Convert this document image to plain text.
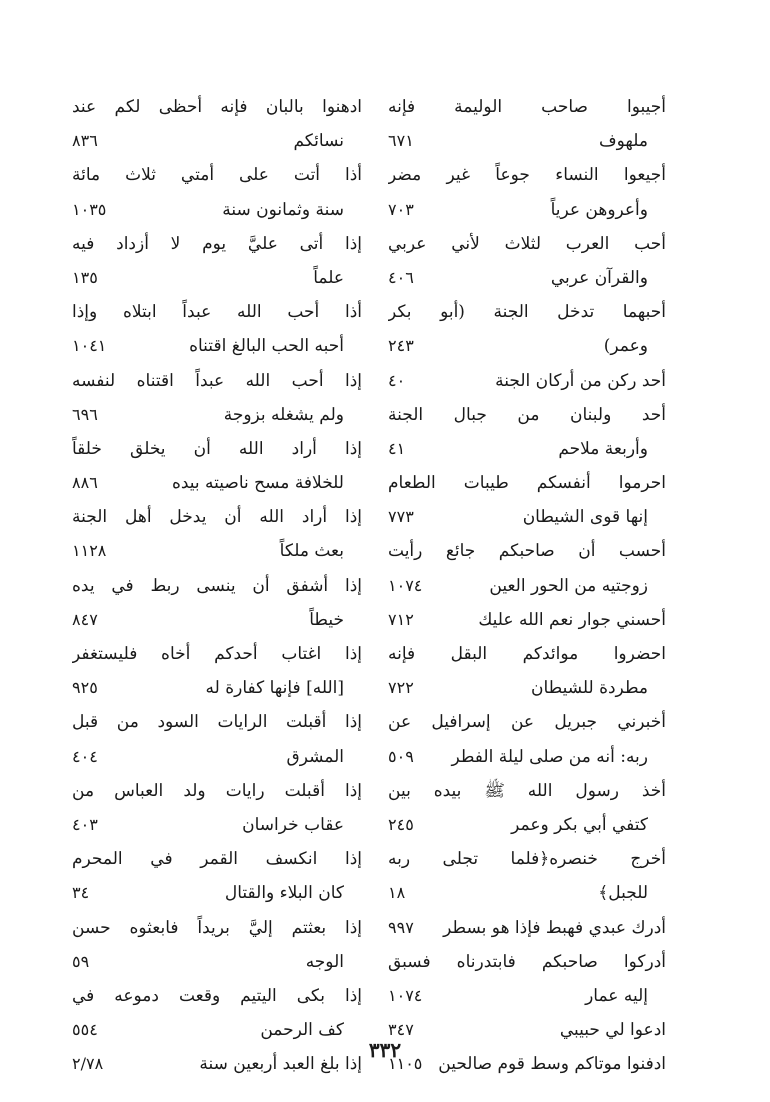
أجيبوا صاحب الوليمة فإنه
ملهوف
٦٧١
أجيعوا النساء جوعاً غير مضر
وأعروهن عرياً
٧٠٣
أحب العرب لثلاث لأني عربي
والقرآن عربي
٤٠٦
أحبهما تدخل الجنة (أبو بكر
وعمر)
٢٤٣
أحد ركن من أركان الجنة
٤٠
أحد ولبنان من جبال الجنة
وأربعة ملاحم
٤١
احرموا أنفسكم طيبات الطعام
إنها قوى الشيطان
٧٧٣
أحسب أن صاحبكم جائع رأيت
زوجتيه من الحور العين
١٠٧٤
أحسني جوار نعم الله عليك
٧١٢
احضروا موائدكم البقل فإنه
مطردة للشيطان
٧٢٢
أخبرني جبريل عن إسرافيل عن
ربه: أنه من صلى ليلة الفطر
٥٠٩
أخذ رسول الله ﷺ بيده بين
كتفي أبي بكر وعمر
٢٤٥
أخرج خنصره﴿فلما تجلى ربه
للجبل﴾
١٨
أدرك عبدي فهبط فإذا هو بسطر
٩٩٧
أدركوا صاحبكم فابتدرناه فسبق
إليه عمار
١٠٧٤
ادعوا لي حبيبي
٣٤٧
ادفنوا موتاكم وسط قوم صالحين
١١٠٥
ادهنوا بالبان فإنه أحظى لكم عند
نسائكم
٨٣٦
أذا أتت على أمتي ثلاث مائة
سنة وثمانون سنة
١٠٣٥
إذا أتى عليَّ يوم لا أزداد فيه
علماً
١٣٥
أذا أحب الله عبداً ابتلاه وإذا
أحبه الحب البالغ اقتناه
١٠٤١
إذا أحب الله عبداً اقتناه لنفسه
ولم يشغله بزوجة
٦٩٦
إذا أراد الله أن يخلق خلقاً
للخلافة مسح ناصيته بيده
٨٨٦
إذا أراد الله أن يدخل أهل الجنة
بعث ملكاً
١١٢٨
إذا أشفق أن ينسى ربط في يده
خيطاً
٨٤٧
إذا اغتاب أحدكم أخاه فليستغفر
[الله] فإنها كفارة له
٩٢٥
إذا أقبلت الرايات السود من قبل
المشرق
٤٠٤
إذا أقبلت رايات ولد العباس من
عقاب خراسان
٤٠٣
إذا انكسف القمر في المحرم
كان البلاء والقتال
٣٤
إذا بعثتم إليَّ بريداً فابعثوه حسن
الوجه
٥٩
إذا بكى اليتيم وقعت دموعه في
كف الرحمن
٥٥٤
إذا بلغ العبد أربعين سنة
٢/٧٨
٣٣٢
